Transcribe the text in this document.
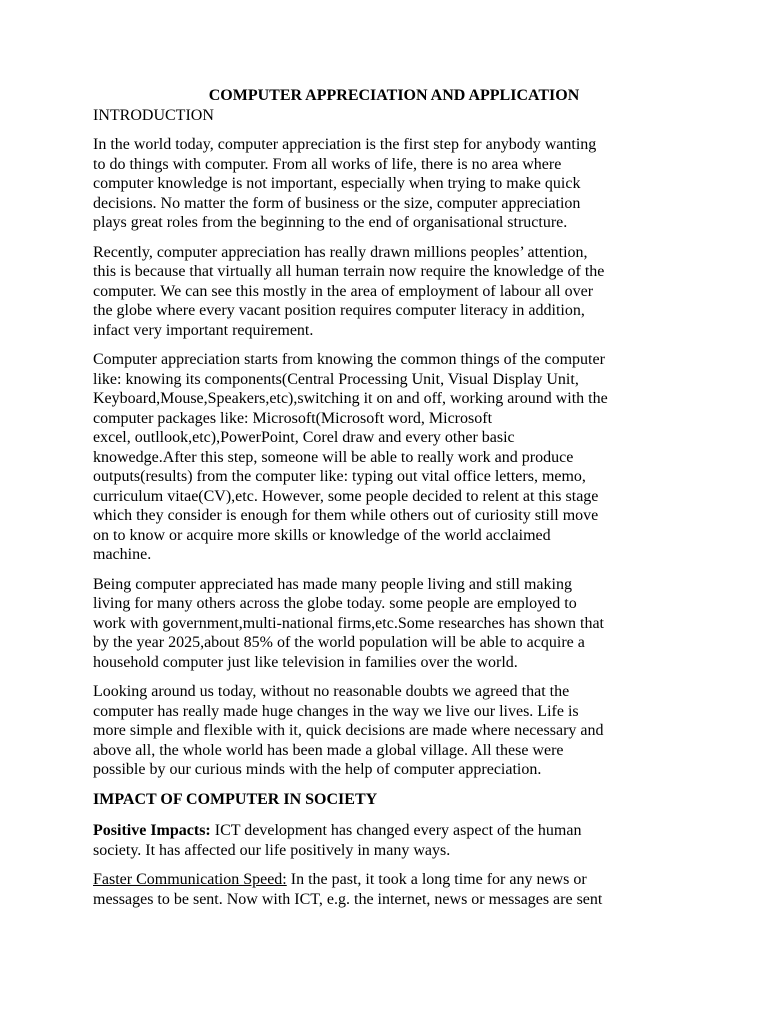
COMPUTER APPRECIATION AND APPLICATION

INTRODUCTION

In the world today, computer appreciation is the first step for anybody wanting
to do things with computer. From all works of life, there is no area where
computer knowledge is not important, especially when trying to make quick
decisions. No matter the form of business or the size, computer appreciation
plays great roles from the beginning to the end of organisational structure.

Recently, computer appreciation has really drawn millions peoples’ attention,
this is because that virtually all human terrain now require the knowledge of the
computer. We can see this mostly in the area of employment of labour all over
the globe where every vacant position requires computer literacy in addition,
infact very important requirement.

Computer appreciation starts from knowing the common things of the computer
like: knowing its components(Central Processing Unit, Visual Display Unit,
Keyboard,Mouse,Speakers,etc),switching it on and off, working around with the
computer packages like: Microsoft(Microsoft word, Microsoft
excel, outllook,etc),PowerPoint, Corel draw and every other basic
knowedge.After this step, someone will be able to really work and produce
outputs(results) from the computer like: typing out vital office letters, memo,
curriculum vitae(CV),etc. However, some people decided to relent at this stage
which they consider is enough for them while others out of curiosity still move
on to know or acquire more skills or knowledge of the world acclaimed
machine.

Being computer appreciated has made many people living and still making
living for many others across the globe today. some people are employed to
work with government,multi-national firms,etc.Some researches has shown that
by the year 2025,about 85% of the world population will be able to acquire a
household computer just like television in families over the world.

Looking around us today, without no reasonable doubts we agreed that the
computer has really made huge changes in the way we live our lives. Life is
more simple and flexible with it, quick decisions are made where necessary and
above all, the whole world has been made a global village. All these were
possible by our curious minds with the help of computer appreciation.

IMPACT OF COMPUTER IN SOCIETY

Positive Impacts: ICT development has changed every aspect of the human
society. It has affected our life positively in many ways.

Faster Communication Speed: In the past, it took a long time for any news or
messages to be sent. Now with ICT, e.g. the internet, news or messages are sent
